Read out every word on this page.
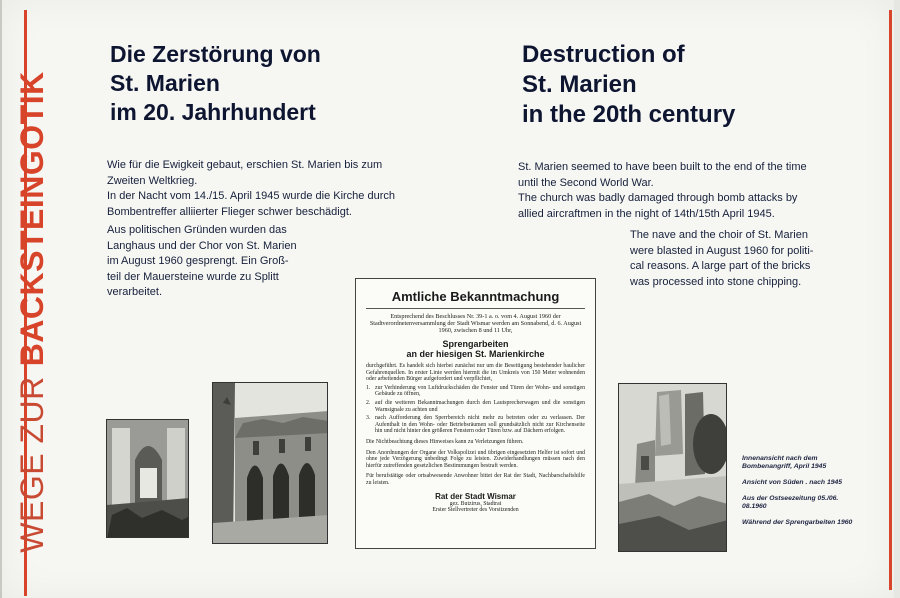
WEGE ZUR
BACKSTEINGOTIK
Die Zerstörung von
St. Marien
im 20. Jahrhundert
Destruction of
St. Marien
in the 20th century
Wie für die Ewigkeit gebaut, erschien St. Marien bis zum
Zweiten Weltkrieg.
In der Nacht vom 14./15. April 1945 wurde die Kirche durch
Bombentreffer alliierter Flieger schwer beschädigt.
Aus politischen Gründen wurden das
Langhaus und der Chor von St. Marien
im August 1960 gesprengt. Ein Groß-
teil der Mauersteine wurde zu Splitt
verarbeitet.
St. Marien seemed to have been built to the end of the time
until the Second World War.
The church was badly damaged through bomb attacks by
allied aircraftmen in the night of 14th/15th April 1945.
The nave and the choir of St. Marien
were blasted in August 1960 for politi-
cal reasons. A large part of the bricks
was processed into stone chipping.
Amtliche Bekanntmachung
Entsprechend des Beschlusses Nr. 39-1 a. o. vom 4. August 1960 der Stadtverordnetenversammlung der Stadt Wismar werden am Sonnabend, d. 6. August 1960, zwischen 8 und 11 Uhr,
Sprengarbeiten
an der hiesigen St. Marienkirche
durchgeführt. Es handelt sich hierbei zunächst nur um die Beseitigung bestehender baulicher Gefahrenquellen. In erster Linie werden hiermit die im Umkreis von 150 Meter wohnenden oder arbeitenden Bürger aufgefordert und verpflichtet,
1. zur Verhinderung von Luftdruckschäden die Fenster und Türen der Wohn- und sonstigen Gebäude zu öffnen,
2. auf die weiteren Bekanntmachungen durch den Lautsprecherwagen und die sonstigen Warnsignale zu achten und
3. nach Aufforderung den Sperrbereich nicht mehr zu betreten oder zu verlassen. Der Aufenthalt in den Wohn- oder Betriebsräumen soll grundsätzlich nicht zur Kirchenseite hin und nicht hinter den größeren Fenstern oder Türen bzw. auf Dächern erfolgen.
Die Nichtbeachtung dieses Hinweises kann zu Verletzungen führen.
Den Anordnungen der Organe der Volkspolizei und übrigen eingesetzten Helfer ist sofort und ohne jede Verzögerung unbedingt Folge zu leisten. Zuwiderhandlungen müssen nach den hierfür zutreffenden gesetzlichen Bestimmungen bestraft werden.
Für berufstätige oder ortsabwesende Anwohner bittet der Rat der Stadt, Nachbarschaftshilfe zu leisten.
Rat der Stadt Wismar
gez. Butzirus, Stadtrat
Erster Stellvertreter des Vorsitzenden
Innenansicht nach dem Bombenangriff, April 1945
Ansicht von Süden . nach 1945
Aus der Ostseezeitung 05./06. 08.1960
Während der Sprengarbeiten 1960
